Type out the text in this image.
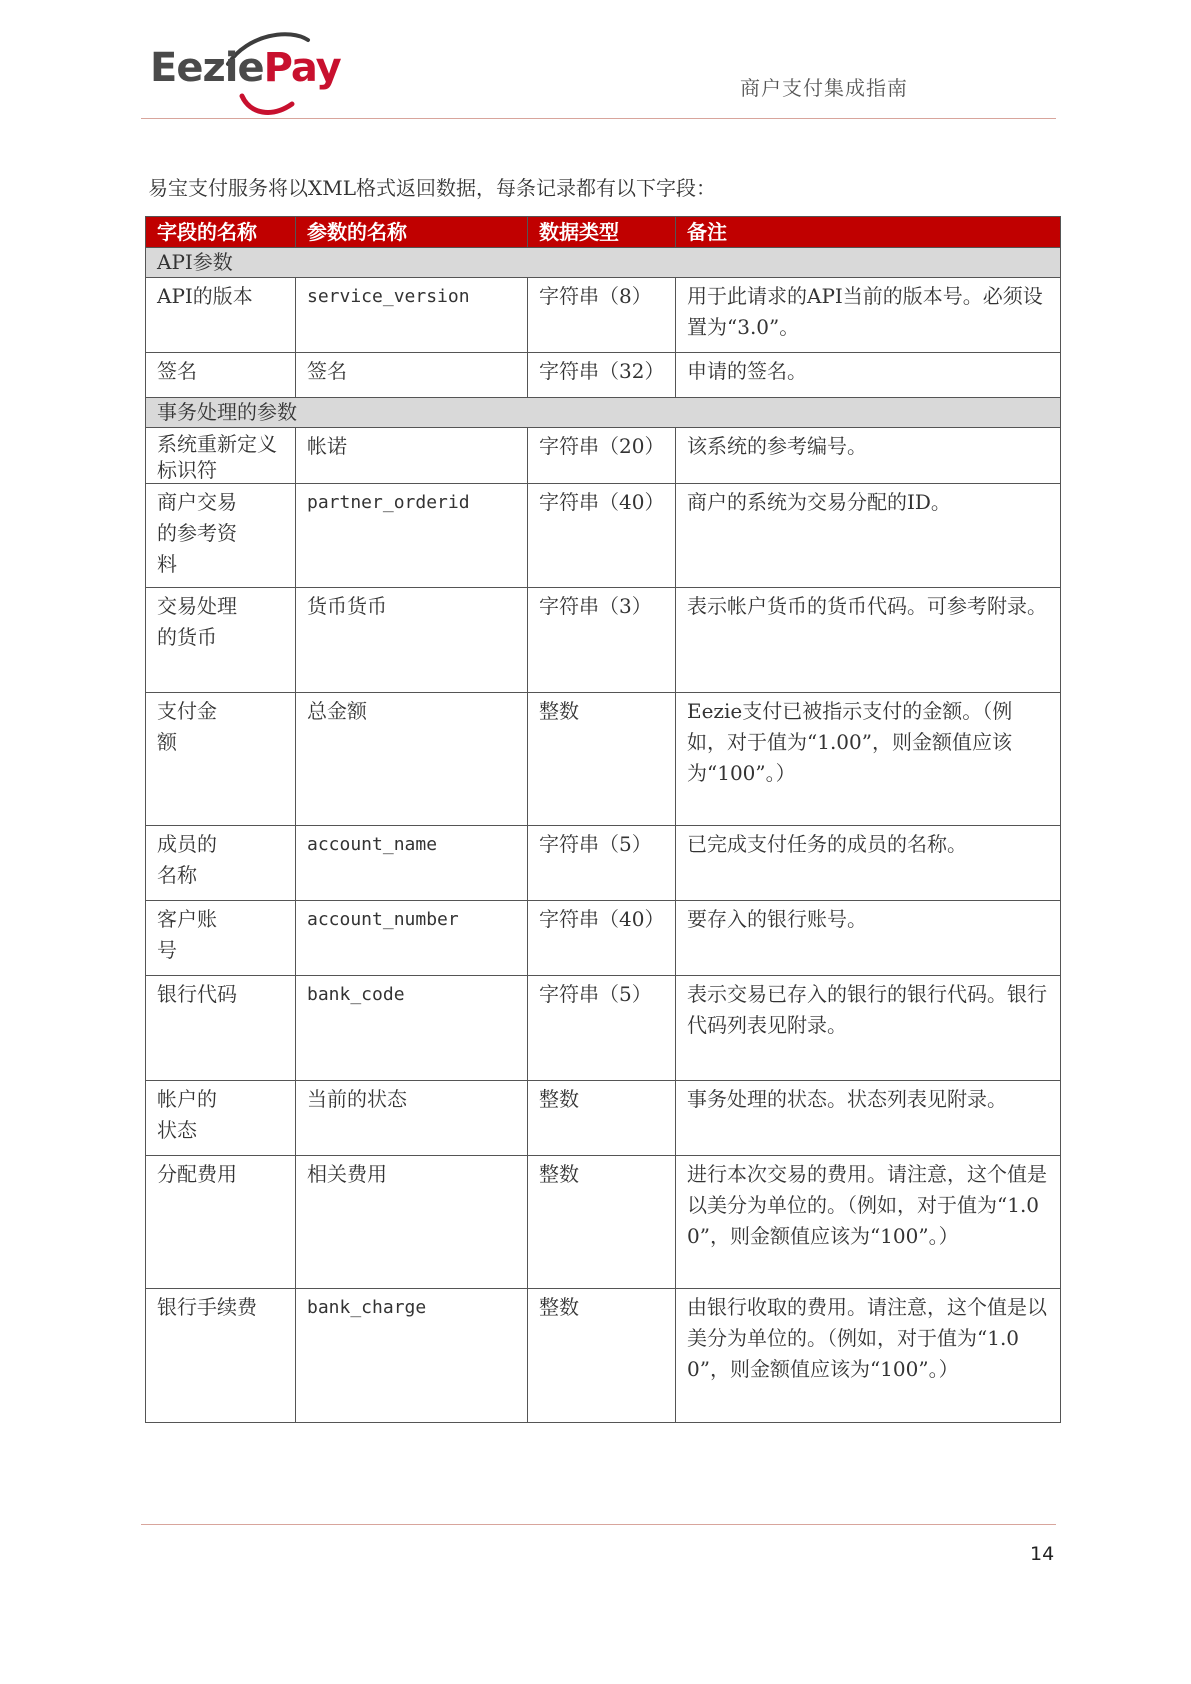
EeziePay	商户支付集成指南
易宝支付服务将以XML格式返回数据，每条记录都有以下字段：
字段的名称	参数的名称	数据类型	备注
API参数			
API的版本	service_version	字符串（8）	用于此请求的API当前的版本号。必须设置为“3.0”。
签名	签名	字符串（32）	申请的签名。
事务处理的参数			
系统重新定义标识符	帐诺	字符串（20）	该系统的参考编号。
商户交易
的参考资
料	partner_orderid	字符串（40）	商户的系统为交易分配的ID。
交易处理
的货币	货币货币	字符串（3）	表示帐户货币的货币代码。可参考附录。
支付金
额	总金额	整数	Eezie支付已被指示支付的金额。（例如，对于值为“1.00”，则金额值应该为“100”。）
成员的
名称	account_name	字符串（5）	已完成支付任务的成员的名称。
客户账
号	account_number	字符串（40）	要存入的银行账号。
银行代码	bank_code	字符串（5）	表示交易已存入的银行的银行代码。银行代码列表见附录。
帐户的
状态	当前的状态	整数	事务处理的状态。状态列表见附录。
分配费用	相关费用	整数	进行本次交易的费用。请注意，这个值是以美分为单位的。（例如，对于值为“1.00”，则金额值应该为“100”。）
银行手续费	bank_charge	整数	由银行收取的费用。请注意，这个值是以美分为单位的。（例如，对于值为“1.00”，则金额值应该为“100”。）
14
